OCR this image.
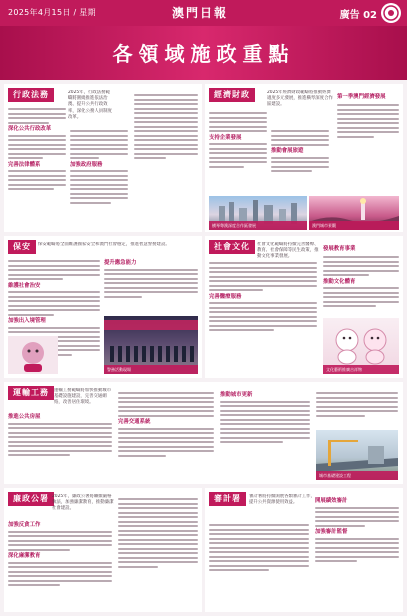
2025年4月15日 / 星期	澳門日報	廣告 02
各領域施政重點
行政法務	2025年，行政法務範疇將圍繞推進依法治澳、提升公共行政效率，深化公務人員制度改革。
深化公共行政改革
完善法律體系	加強政府服務
經濟財政	2025年經濟財政範疇將推動經濟適度多元發展，推進橫琴深度合作區建設。
支持企業發展
推動會展旅遊
第一季澳門經濟發展
橫琴粵澳深度合作區發展	澳門城市景觀
保安	保安範疇將全面維護國家安全和澳門社會穩定，推進智慧警務建設。
維護社會治安
加強出入境管理
提升應急能力
警務活動現場
社會文化	社會文化範疇將持續完善醫療、教育、社會保障等民生政策，推動文化事業發展。
完善醫療服務
發展教育事業
推動文化體育
文化藝術推廣吉祥物
運輸工務	運輸工務範疇將加快推動城市基礎設施建設，完善交通網絡，改善居住環境。
推進公共房屋
完善交通系統
推動城市更新
城市基礎建設工程
廉政公署 2025年，廉政公署將繼續嚴格執法，加強廉潔教育，推動廉潔社會建設。
加強反貪工作
深化廉潔教育
審計署	審計署將持續開展各類審計工作，提升公共資源使用效益。	開展績效審計
加強審計監督
